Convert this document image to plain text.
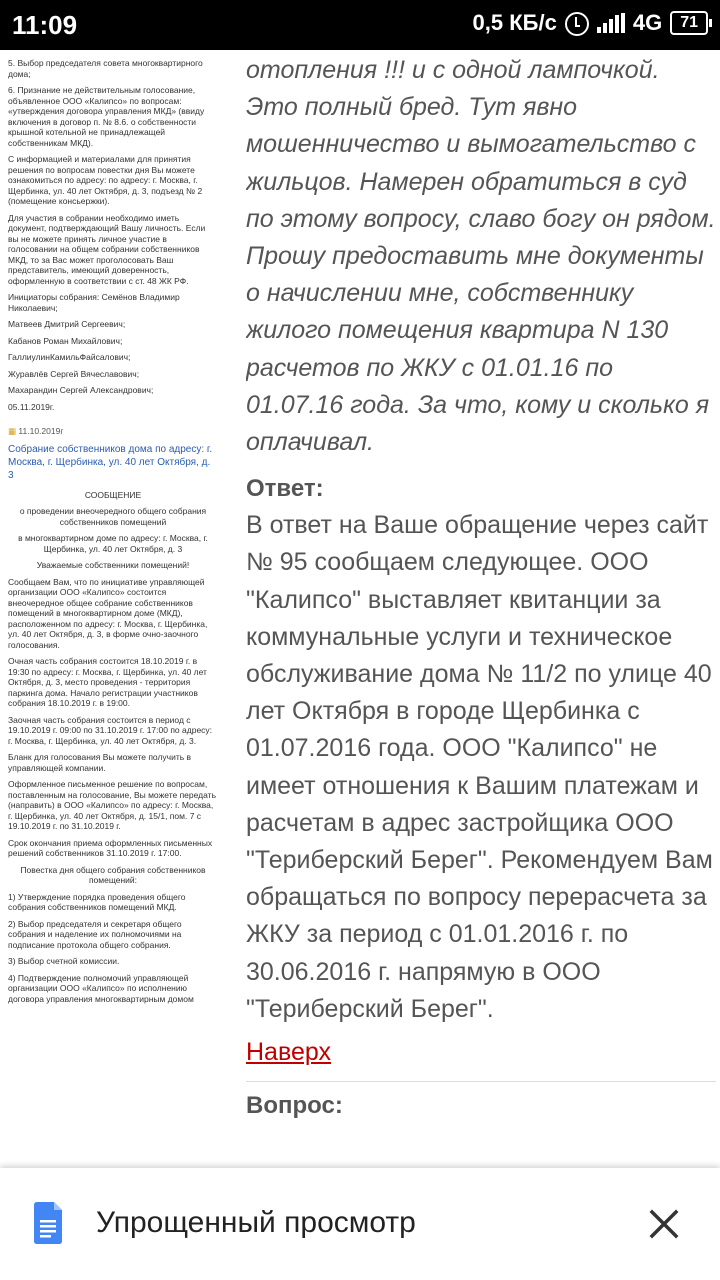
11:09	0,5 КБ/с	4G	71

5. Выбор председателя совета многоквартирного дома;

6. Признание не действительным голосование, объявленное ООО «Калипсо» по вопросам: «утверждения договора управления МКД» (ввиду включения в договор п. № 8.6. о собственности крышной котельной не принадлежащей собственникам МКД).

С информацией и материалами для принятия решения по вопросам повестки дня Вы можете ознакомиться по адресу: по адресу: г. Москва, г. Щербинка, ул. 40 лет Октября, д. 3, подъезд № 2 (помещение консьержки).

Для участия в собрании необходимо иметь документ, подтверждающий Вашу личность. Если вы не можете принять личное участие в голосовании на общем собрании собственников МКД, то за Вас может проголосовать Ваш представитель, имеющий доверенность, оформленную в соответствии с ст. 48 ЖК РФ.

Инициаторы собрания: Семёнов Владимир Николаевич;

Матвеев Дмитрий Сергеевич;

Кабанов Роман Михайлович;

ГаллиулинКамильФайсалович;

Журавлёв Сергей Вячеславович;

Махарандин Сергей Александрович;

05.11.2019г.

▦ 11.10.2019г

Собрание собственников дома по адресу: г. Москва, г. Щербинка, ул. 40 лет Октября, д. 3

СООБЩЕНИЕ

о проведении внеочередного общего собрания собственников помещений

в многоквартирном доме по адресу: г. Москва, г. Щербинка, ул. 40 лет Октября, д. 3

Уважаемые собственники помещений!

Сообщаем Вам, что по инициативе управляющей организации ООО «Калипсо» состоится внеочередное общее собрание собственников помещений в многоквартирном доме (МКД), расположенном по адресу: г. Москва, г. Щербинка, ул. 40 лет Октября, д. 3, в форме очно-заочного голосования.

Очная часть собрания состоится 18.10.2019 г. в 19:30 по адресу: г. Москва, г. Щербинка, ул. 40 лет Октября, д. 3, место проведения - территория паркинга дома. Начало регистрации участников собрания 18.10.2019 г. в 19:00.

Заочная часть собрания состоится в период с 19.10.2019 г. 09:00 по 31.10.2019 г. 17:00 по адресу: г. Москва, г. Щербинка, ул. 40 лет Октября, д. 3.

Бланк для голосования Вы можете получить в управляющей компании.

Оформленное письменное решение по вопросам, поставленным на голосование, Вы можете передать (направить) в ООО «Калипсо» по адресу: г. Москва, г. Щербинка, ул. 40 лет Октября, д. 15/1, пом. 7 с 19.10.2019 г. по 31.10.2019 г.

Срок окончания приема оформленных письменных решений собственников 31.10.2019 г. 17:00.

Повестка дня общего собрания собственников помещений:

1) Утверждение порядка проведения общего собрания собственников помещений МКД.

2) Выбор председателя и секретаря общего собрания и наделение их полномочиями на подписание протокола общего собрания.

3) Выбор счетной комиссии.

4) Подтверждение полномочий управляющей организации ООО «Калипсо» по исполнению договора управления многоквартирным домом

отопления !!! и с одной лампочкой. Это полный бред. Тут явно мошенничество и вымогательство с жильцов. Намерен обратиться в суд по этому вопросу, славо богу он рядом. Прошу предоставить мне документы о начислении мне, собственнику жилого помещения квартира N 130 расчетов по ЖКУ с 01.01.16 по 01.07.16 года. За что, кому и сколько я оплачивал.

Ответ:

В ответ на Ваше обращение через сайт № 95 сообщаем следующее. ООО "Калипсо" выставляет квитанции за коммунальные услуги и техническое обслуживание дома № 11/2 по улице 40 лет Октября в городе Щербинка с 01.07.2016 года. ООО "Калипсо" не имеет отношения к Вашим платежам и расчетам в адрес застройщика ООО "Териберский Берег". Рекомендуем Вам обращаться по вопросу перерасчета за ЖКУ за период с 01.01.2016 г. по 30.06.2016 г. напрямую в ООО "Териберский Берег".

Наверх
Вопрос:
Упрощенный просмотр
